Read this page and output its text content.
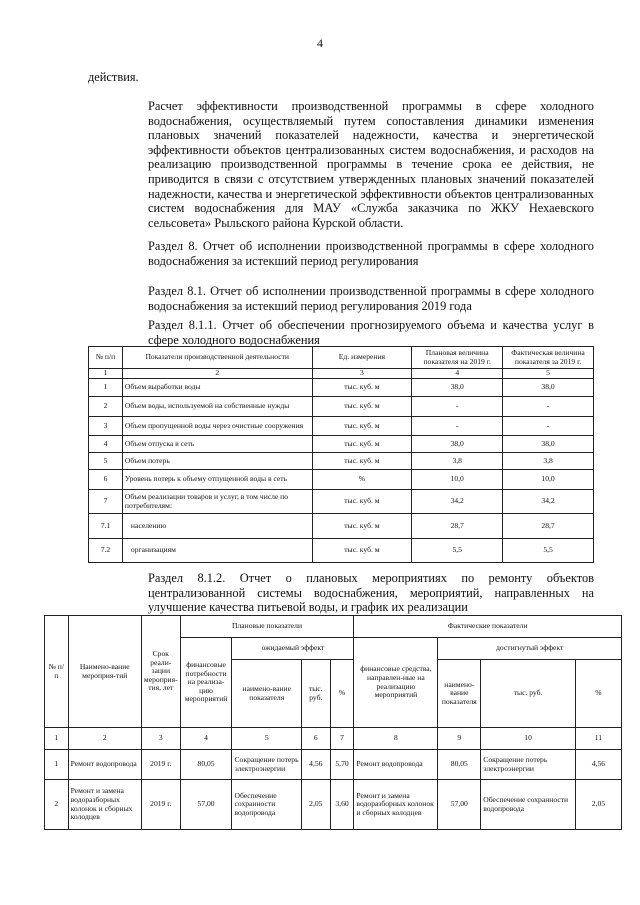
4
действия.
Расчет эффективности производственной программы в сфере холодного водоснабжения, осуществляемый путем сопоставления динамики изменения плановых значений показателей надежности, качества и энергетической эффективности объектов централизованных систем водоснабжения, и расходов на реализацию производственной программы в течение срока ее действия, не приводится в связи с отсутствием утвержденных плановых значений показателей надежности, качества и энергетической эффективности объектов централизованных систем водоснабжения для МАУ «Служба заказчика по ЖКУ Нехаевского сельсовета» Рыльского района Курской области.
Раздел 8. Отчет об исполнении производственной программы в сфере холодного водоснабжения за истекший период регулирования
Раздел 8.1. Отчет об исполнении производственной программы в сфере холодного водоснабжения за истекший период регулирования 2019 года
Раздел 8.1.1. Отчет об обеспечении прогнозируемого объема и качества услуг в сфере холодного водоснабжения
№ п/п	Показатели производственной деятельности	Ед. измерения	Плановая величина показателя на 2019 г.	Фактическая величина показателя за 2019 г.
1	2	3	4	5
1	Объем выработки воды	тыс. куб. м	38,0	38,0
2	Объем воды, используемой на собственные нужды	тыс. куб. м	-	-
3	Объем пропущенной воды через очистные сооружения	тыс. куб. м	-	-
4	Объем отпуска в сеть	тыс. куб. м	38,0	38,0
5	Объем потерь	тыс. куб. м	3,8	3,8
6	Уровень потерь к объему отпущенной воды в сеть	%	10,0	10,0
7	Объем реализации товаров и услуг, в том числе по потребителям:	тыс. куб. м	34,2	34,2
7.1	населению	тыс. куб. м	28,7	28,7
7.2	организациям	тыс. куб. м	5,5	5,5
Раздел 8.1.2. Отчет о плановых мероприятиях по ремонту объектов централизованной системы водоснабжения, мероприятий, направленных на улучшение качества питьевой воды, и график их реализации
№ п/п	Наимено-вание мероприя-тий	Срок реали-зации мероприя-тия, лет	Плановые показатели				Фактические показатели			
			финансовые потребности на реализа-цию мероприятий	ожидаемый эффект			финансовые средства, направлен-ные на реализацию мероприятий	достигнутый эффект		
				наимено-вание показателя	тыс. руб.	%		наимено-вание показателя	тыс. руб.	%
1	2	3	4	5	6	7	8	9	10	11
1	Ремонт водопровода	2019 г.	80,05	Сокращение потерь электроэнергии	4,56	5,70	Ремонт водопровода	80,05	Сокращение потерь электроэнергии	4,56
2	Ремонт и замена водоразборных колонок и сборных колодцев	2019 г.	57,00	Обеспечение сохранности водопровода	2,05	3,60	Ремонт и замена водоразборных колонок и сборных колодцев	57,00	Обеспечение сохранности водопровода	2,05
